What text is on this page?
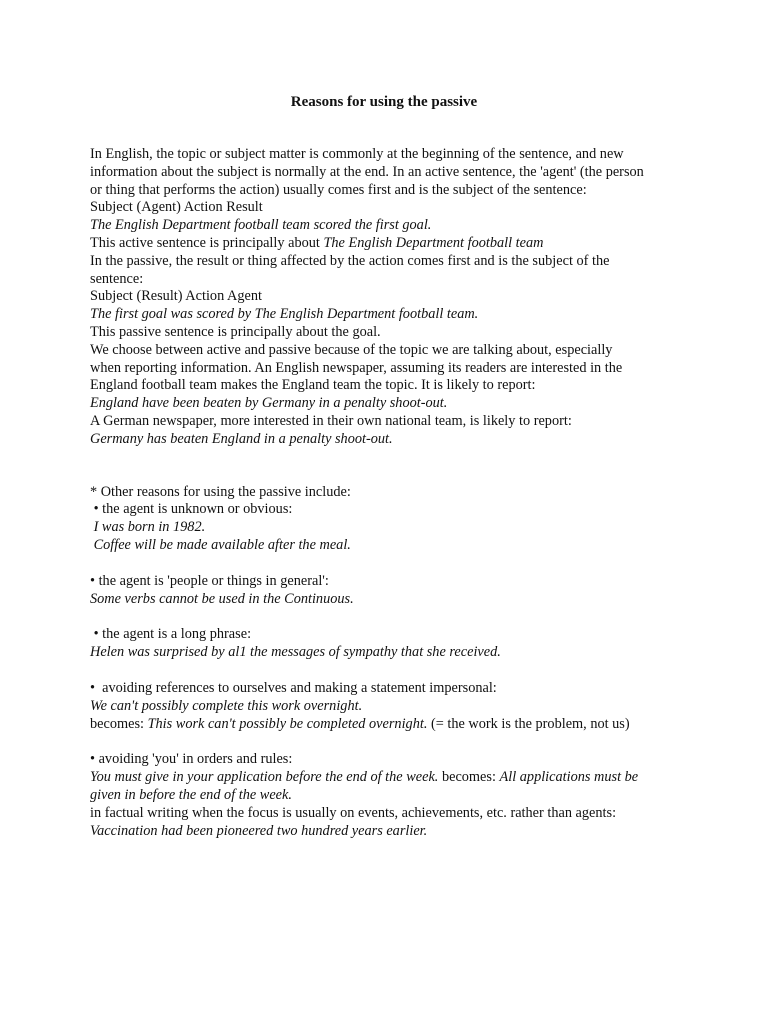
Reasons for using the passive
In English, the topic or subject matter is commonly at the beginning of the sentence, and new
information about the subject is normally at the end. In an active sentence, the 'agent' (the person
or thing that performs the action) usually comes first and is the subject of the sentence:
Subject (Agent) Action Result
The English Department football team scored the first goal.
This active sentence is principally about The English Department football team
In the passive, the result or thing affected by the action comes first and is the subject of the
sentence:
Subject (Result) Action Agent
The first goal was scored by The English Department football team.
This passive sentence is principally about the goal.
We choose between active and passive because of the topic we are talking about, especially
when reporting information. An English newspaper, assuming its readers are interested in the
England football team makes the England team the topic. It is likely to report:
England have been beaten by Germany in a penalty shoot-out.
A German newspaper, more interested in their own national team, is likely to report:
Germany has beaten England in a penalty shoot-out.
* Other reasons for using the passive include:
• the agent is unknown or obvious:
I was born in 1982.
Coffee will be made available after the meal.
• the agent is 'people or things in general':
Some verbs cannot be used in the Continuous.
• the agent is a long phrase:
Helen was surprised by al1 the messages of sympathy that she received.
•  avoiding references to ourselves and making a statement impersonal:
We can't possibly complete this work overnight.
becomes: This work can't possibly be completed overnight. (= the work is the problem, not us)
• avoiding 'you' in orders and rules:
You must give in your application before the end of the week. becomes: All applications must be
given in before the end of the week.
in factual writing when the focus is usually on events, achievements, etc. rather than agents:
Vaccination had been pioneered two hundred years earlier.
